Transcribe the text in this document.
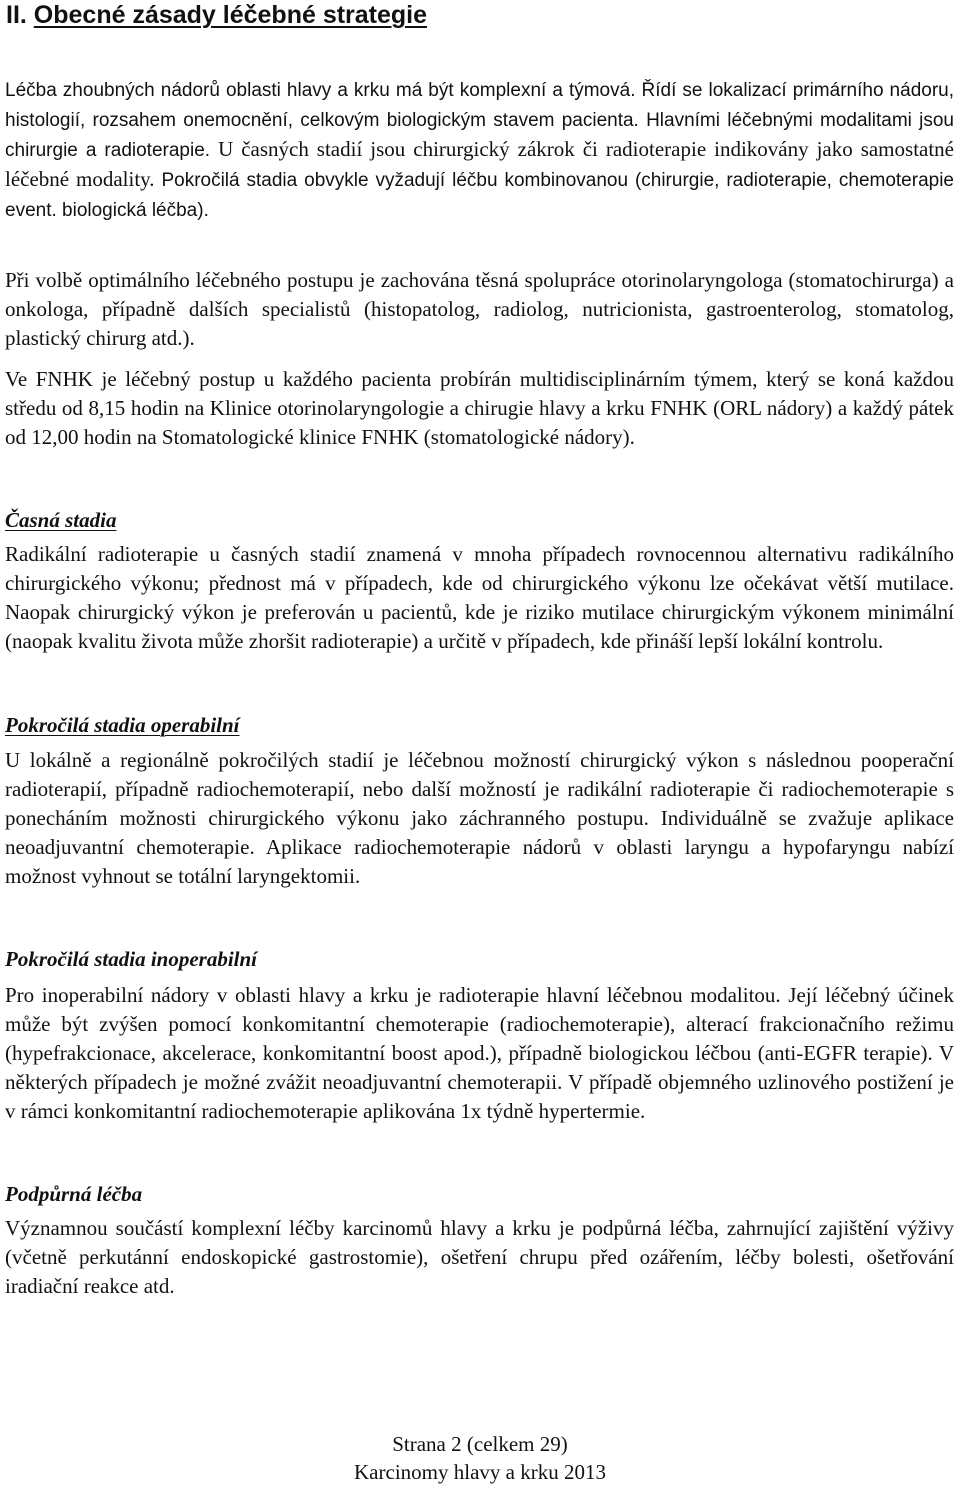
II. Obecné zásady léčebné strategie

Léčba zhoubných nádorů oblasti hlavy a krku má být komplexní a týmová. Řídí se lokalizací primárního nádoru, histologií, rozsahem onemocnění, celkovým biologickým stavem pacienta. Hlavními léčebnými modalitami jsou chirurgie a radioterapie. U časných stadií jsou chirurgický zákrok či radioterapie indikovány jako samostatné léčebné modality. Pokročilá stadia obvykle vyžadují léčbu kombinovanou (chirurgie, radioterapie, chemoterapie event. biologická léčba).

Při volbě optimálního léčebného postupu je zachována těsná spolupráce otorinolaryngologa (stomatochirurga) a onkologa, případně dalších specialistů (histopatolog, radiolog, nutricionista, gastroenterolog, stomatolog, plastický chirurg atd.).

Ve FNHK je léčebný postup u každého pacienta probírán multidisciplinárním týmem, který se koná každou středu od 8,15 hodin na Klinice otorinolaryngologie a chirugie hlavy a krku FNHK (ORL nádory) a každý pátek od 12,00 hodin na Stomatologické klinice FNHK (stomatologické nádory).

Časná stadia

Radikální radioterapie u časných stadií znamená v mnoha případech rovnocennou alternativu radikálního chirurgického výkonu; přednost má v případech, kde od chirurgického výkonu lze očekávat větší mutilace. Naopak chirurgický výkon je preferován u pacientů, kde je riziko mutilace chirurgickým výkonem minimální (naopak kvalitu života může zhoršit radioterapie) a určitě v případech, kde přináší lepší lokální kontrolu.

Pokročilá stadia operabilní

U lokálně a regionálně pokročilých stadií je léčebnou možností chirurgický výkon s následnou pooperační radioterapií, případně radiochemoterapií, nebo další možností je radikální radioterapie či radiochemoterapie s ponecháním možnosti chirurgického výkonu jako záchranného postupu. Individuálně se zvažuje aplikace neoadjuvantní chemoterapie. Aplikace radiochemoterapie nádorů v oblasti laryngu a hypofaryngu nabízí možnost vyhnout se totální laryngektomii.

Pokročilá stadia inoperabilní

Pro inoperabilní nádory v oblasti hlavy a krku je radioterapie hlavní léčebnou modalitou. Její léčebný účinek může být zvýšen pomocí konkomitantní chemoterapie (radiochemoterapie), alterací frakcionačního režimu (hypefrakcionace, akcelerace, konkomitantní boost apod.), případně biologickou léčbou (anti-EGFR terapie). V některých případech je možné zvážit neoadjuvantní chemoterapii. V případě objemného uzlinového postižení je v rámci konkomitantní radiochemoterapie aplikována 1x týdně hypertermie.

Podpůrná léčba

Významnou součástí komplexní léčby karcinomů hlavy a krku je podpůrná léčba, zahrnující zajištění výživy (včetně perkutánní endoskopické gastrostomie), ošetření chrupu před ozářením, léčby bolesti, ošetřování iradiační reakce atd.

Strana 2 (celkem 29)

Karcinomy hlavy a krku 2013
